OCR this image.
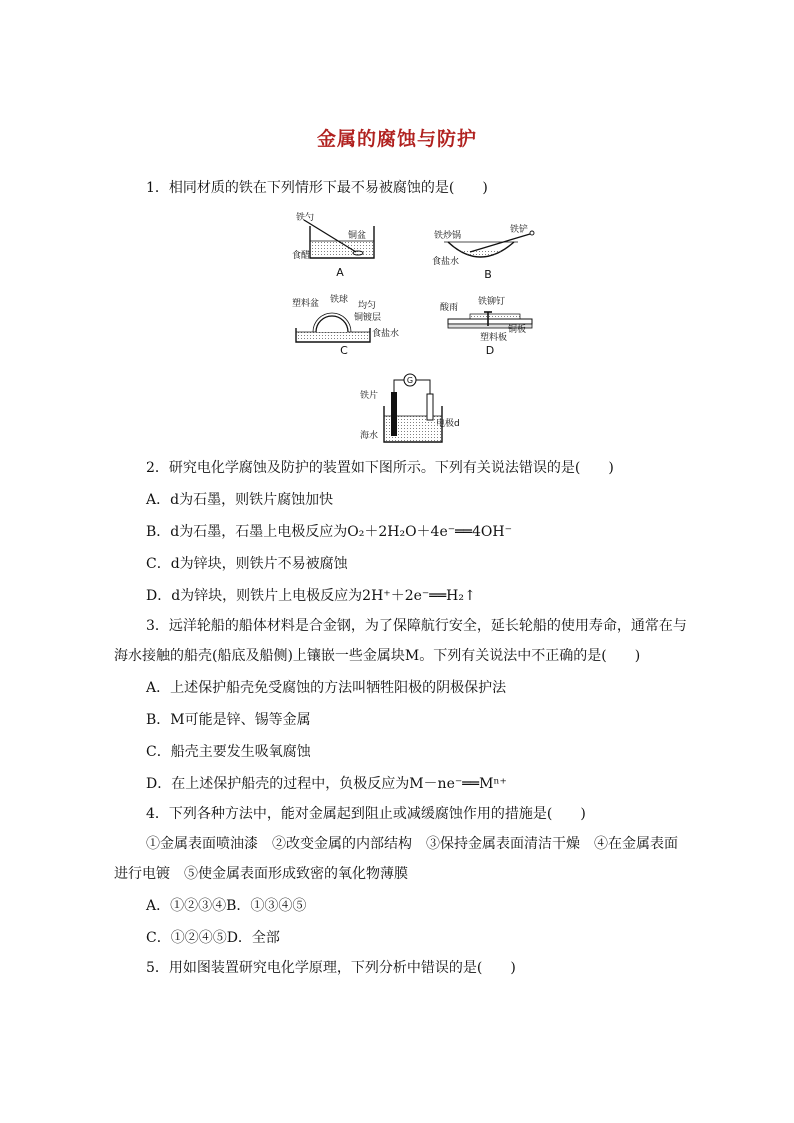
金属的腐蚀与防护
1．相同材质的铁在下列情形下最不易被腐蚀的是(　　)
铁勺
铜盆
食醋
A
铁炒锅
铁铲
食盐水
B
塑料盆 铁球
均匀
铜镀层
食盐水
C
酸雨
铁铆钉
铜板
塑料板
D
G
铁片
电极d
海水
2．研究电化学腐蚀及防护的装置如下图所示。下列有关说法错误的是(　　)
A．d为石墨，则铁片腐蚀加快
B．d为石墨，石墨上电极反应为O₂＋2H₂O＋4e⁻══4OH⁻
C．d为锌块，则铁片不易被腐蚀
D．d为锌块，则铁片上电极反应为2H⁺＋2e⁻══H₂↑
3．远洋轮船的船体材料是合金钢，为了保障航行安全，延长轮船的使用寿命，通常在与
海水接触的船壳(船底及船侧)上镶嵌一些金属块M。下列有关说法中不正确的是(　　)
A．上述保护船壳免受腐蚀的方法叫牺牲阳极的阴极保护法
B．M可能是锌、锡等金属
C．船壳主要发生吸氧腐蚀
D．在上述保护船壳的过程中，负极反应为M－ne⁻══Mⁿ⁺
4．下列各种方法中，能对金属起到阻止或减缓腐蚀作用的措施是(　　)
①金属表面喷油漆　②改变金属的内部结构　③保持金属表面清洁干燥　④在金属表面
进行电镀　⑤使金属表面形成致密的氧化物薄膜
A．①②③④B．①③④⑤
C．①②④⑤D．全部
5．用如图装置研究电化学原理，下列分析中错误的是(　　)
